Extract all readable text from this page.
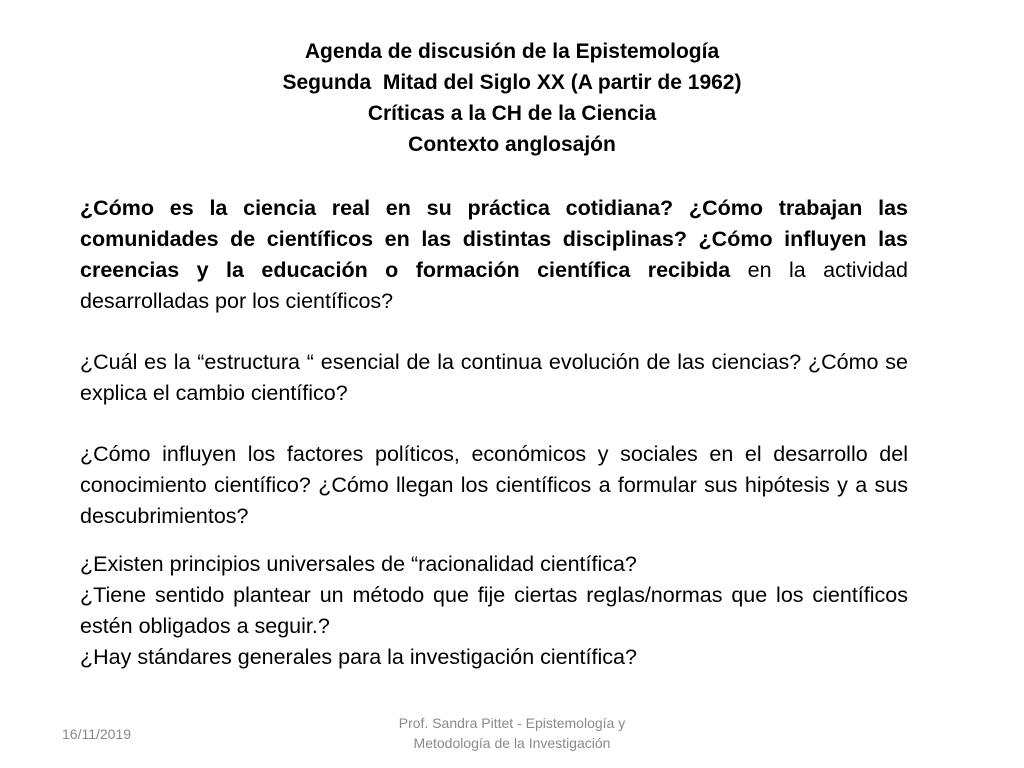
Agenda de discusión de la Epistemología
Segunda  Mitad del Siglo XX (A partir de 1962)
Críticas a la CH de la Ciencia
Contexto anglosajón

¿Cómo es la ciencia real en su práctica cotidiana? ¿Cómo trabajan las comunidades de científicos en las distintas disciplinas? ¿Cómo influyen las creencias y la educación o formación científica recibida en la actividad desarrolladas por los científicos?

¿Cuál es la “estructura “ esencial de la continua evolución de las ciencias? ¿Cómo se explica el cambio científico?

¿Cómo influyen los factores políticos, económicos y sociales en el desarrollo del conocimiento científico? ¿Cómo llegan los científicos a formular sus hipótesis y a sus descubrimientos?

¿Existen principios universales de “racionalidad científica?

¿Tiene sentido plantear un método que fije ciertas reglas/normas que los científicos estén obligados a seguir.?

¿Hay stándares generales para la investigación científica?

16/11/2019
Prof. Sandra Pittet - Epistemología y
Metodología de la Investigación
